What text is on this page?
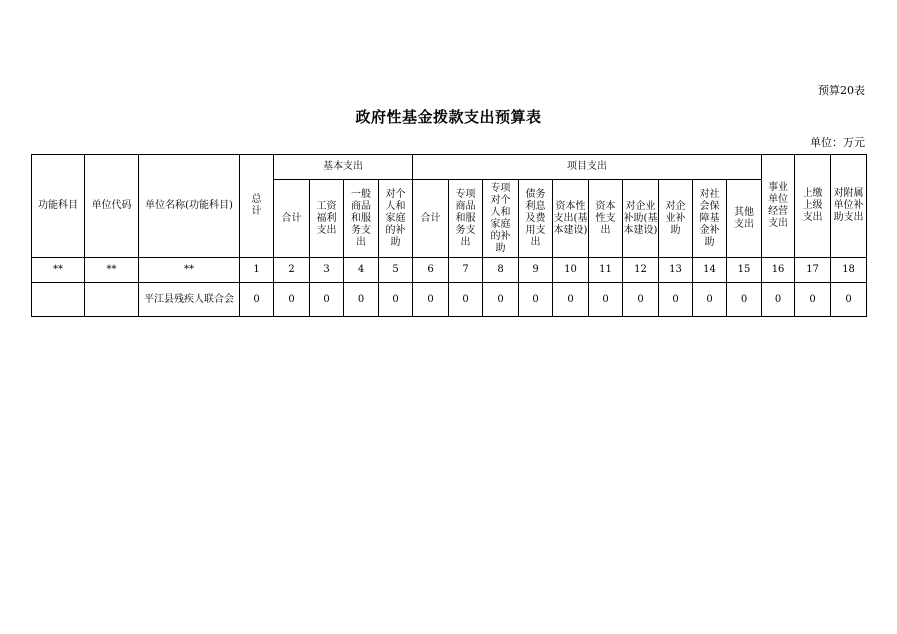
预算20表
政府性基金拨款支出预算表
单位：万元
功能科目	单位代码	单位名称(功能科目)	总计	基本支出				项目支出										事业单位经营支出	上缴上级支出	对附属单位补助支出
				合计	工资福利支出	一般商品和服务支出	对个人和家庭的补助	合计	专项商品和服务支出	专项对个人和家庭的补助	债务利息及费用支出	资本性支出(基本建设)	资本性支出	对企业补助(基本建设)	对企业补助	对社会保障基金补助	其他支出			
**	**	**	1	2	3	4	5	6	7	8	9	10	11	12	13	14	15	16	17	18
		平江县残疾人联合会	0	0	0	0	0	0	0	0	0	0	0	0	0	0	0	0	0	0
